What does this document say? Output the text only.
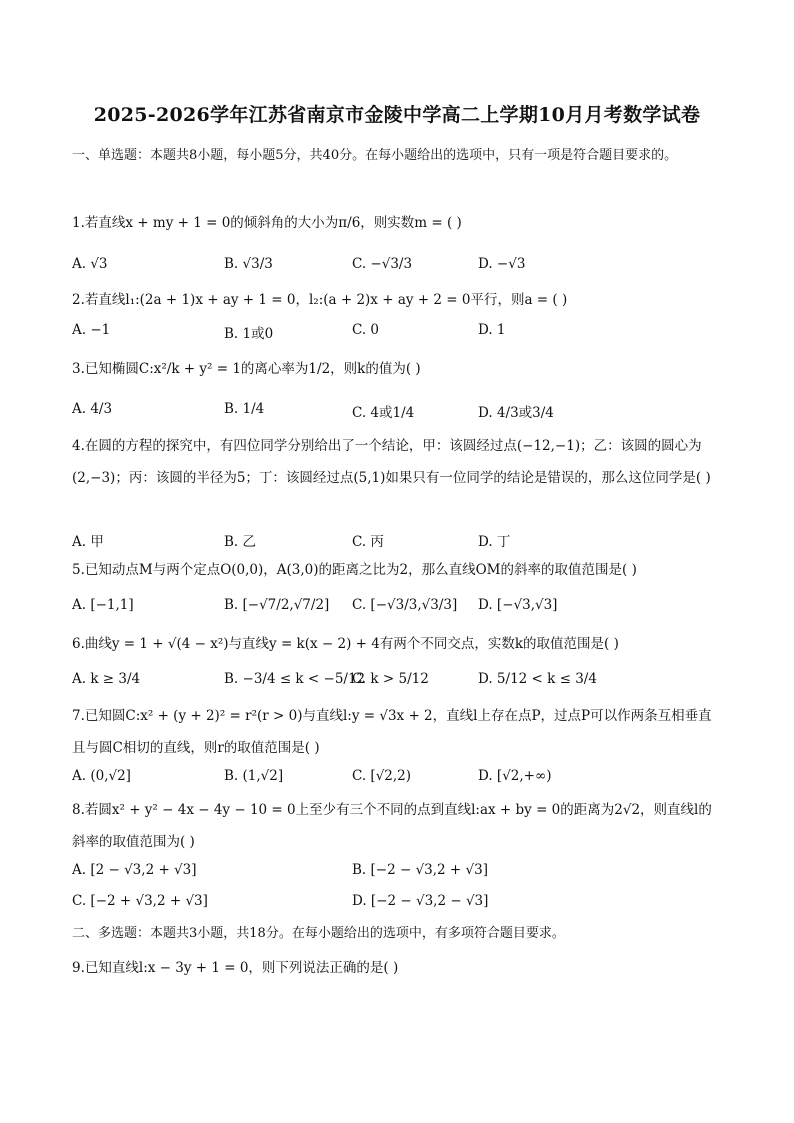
2025-2026学年江苏省南京市金陵中学高二上学期10月月考数学试卷
一、单选题：本题共8小题，每小题5分，共40分。在每小题给出的选项中，只有一项是符合题目要求的。
1.若直线x + my + 1 = 0的倾斜角的大小为π/6，则实数m = ( )
A. √3	B. √3/3	C. −√3/3	D. −√3
2.若直线l₁:(2a + 1)x + ay + 1 = 0，l₂:(a + 2)x + ay + 2 = 0平行，则a = ( )
A. −1	B. 1或0	C. 0	D. 1
3.已知椭圆C:x²/k + y² = 1的离心率为1/2，则k的值为( )
A. 4/3	B. 1/4	C. 4或1/4	D. 4/3或3/4
4.在圆的方程的探究中，有四位同学分别给出了一个结论，甲：该圆经过点(−12,−1)；乙：该圆的圆心为(2,−3)；丙：该圆的半径为5；丁：该圆经过点(5,1)如果只有一位同学的结论是错误的，那么这位同学是( )
A. 甲	B. 乙	C. 丙	D. 丁
5.已知动点M与两个定点O(0,0)，A(3,0)的距离之比为2，那么直线OM的斜率的取值范围是( )
A. [−1,1]	B. [−√7/2,√7/2] C. [−√3/3,√3/3] D. [−√3,√3]
6.曲线y = 1 + √(4 − x²)与直线y = k(x − 2) + 4有两个不同交点，实数k的取值范围是( )
A. k ≥ 3/4	B. −3/4 ≤ k < −5/12
C. k > 5/12	D. 5/12 < k ≤ 3/4
7.已知圆C:x² + (y + 2)² = r²(r > 0)与直线l:y = √3x + 2，直线l上存在点P，过点P可以作两条互相垂直且与圆C相切的直线，则r的取值范围是( )
A. (0,√2]	B. (1,√2]	C. [√2,2)	D. [√2,+∞)
8.若圆x² + y² − 4x − 4y − 10 = 0上至少有三个不同的点到直线l:ax + by = 0的距离为2√2，则直线l的斜率的取值范围为( )
A. [2 − √3,2 + √3]	B. [−2 − √3,2 + √3]
C. [−2 + √3,2 + √3]	D. [−2 − √3,2 − √3]
二、多选题：本题共3小题，共18分。在每小题给出的选项中，有多项符合题目要求。
9.已知直线l:x − 3y + 1 = 0，则下列说法正确的是( )
